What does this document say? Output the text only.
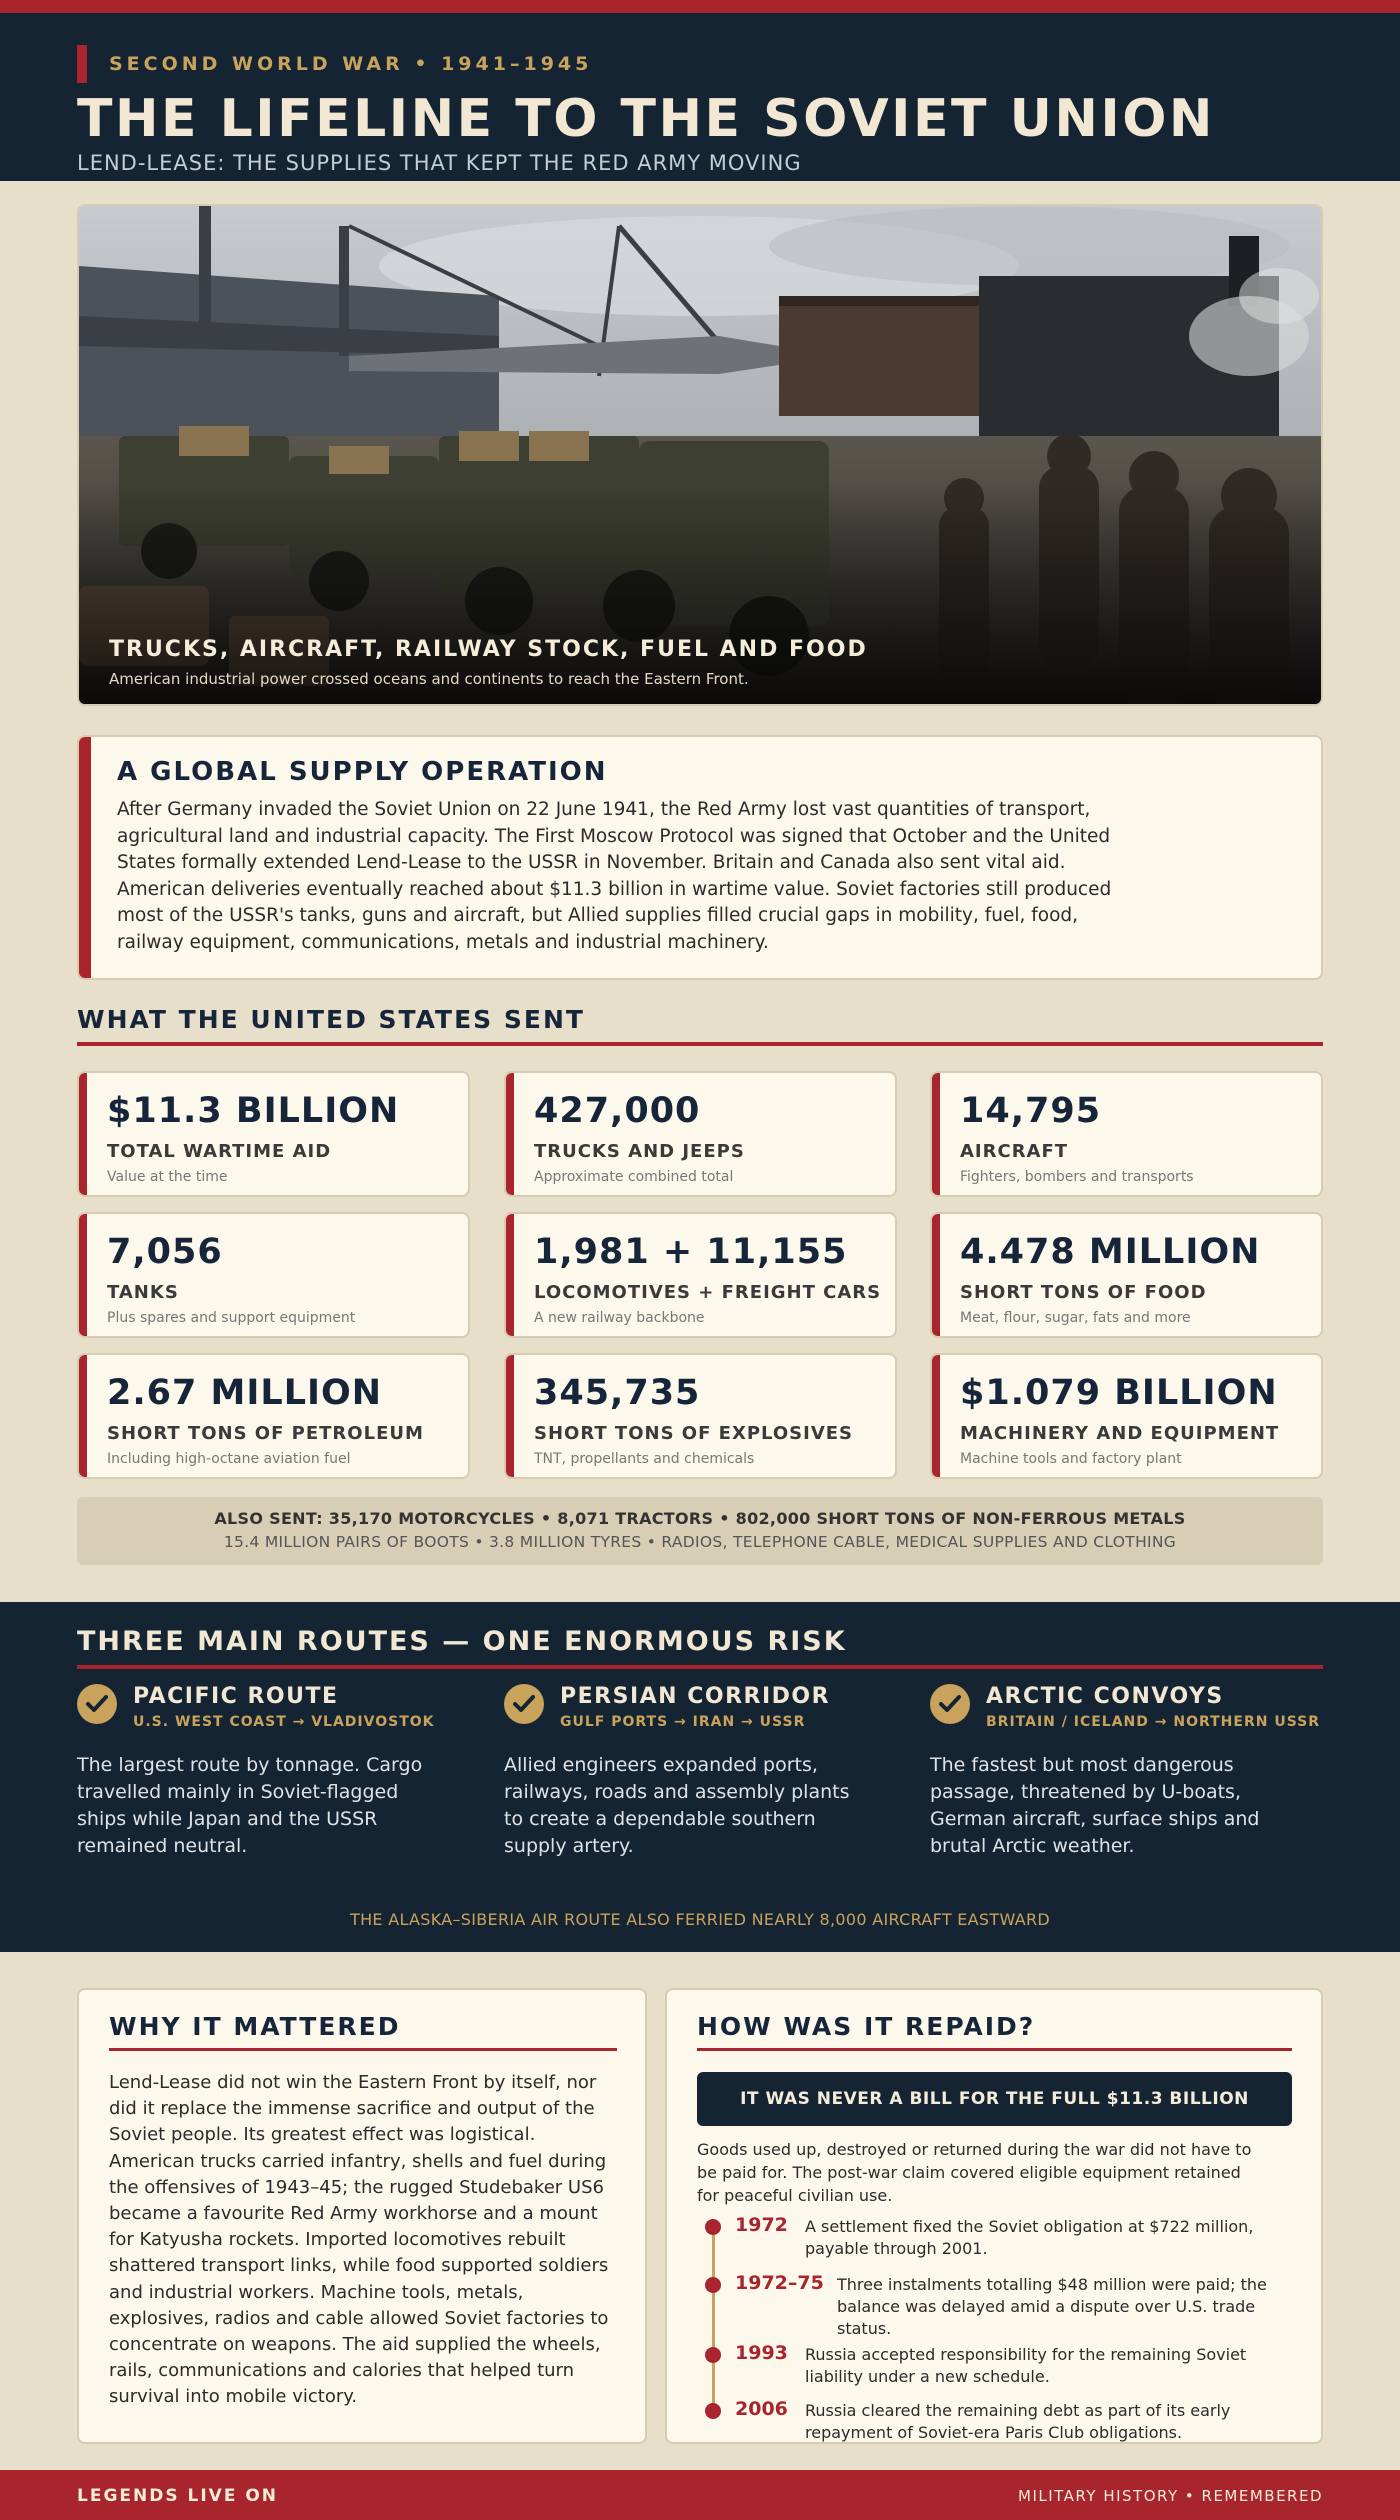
SECOND WORLD WAR • 1941–1945
THE LIFELINE TO THE SOVIET UNION
LEND-LEASE: THE SUPPLIES THAT KEPT THE RED ARMY MOVING
TRUCKS, AIRCRAFT, RAILWAY STOCK, FUEL AND FOOD
American industrial power crossed oceans and continents to reach the Eastern Front.
A GLOBAL SUPPLY OPERATION

After Germany invaded the Soviet Union on 22 June 1941, the Red Army lost vast quantities of transport, agricultural land and industrial capacity. The First Moscow Protocol was signed that October and the United States formally extended Lend-Lease to the USSR in November. Britain and Canada also sent vital aid. American deliveries eventually reached about $11.3 billion in wartime value. Soviet factories still produced most of the USSR's tanks, guns and aircraft, but Allied supplies filled crucial gaps in mobility, fuel, food, railway equipment, communications, metals and industrial machinery.

WHAT THE UNITED STATES SENT
$11.3 BILLION
TOTAL WARTIME AID
Value at the time
427,000
TRUCKS AND JEEPS
Approximate combined total
14,795
AIRCRAFT
Fighters, bombers and transports
7,056
TANKS
Plus spares and support equipment
1,981 + 11,155
LOCOMOTIVES + FREIGHT CARS
A new railway backbone
4.478 MILLION
SHORT TONS OF FOOD
Meat, flour, sugar, fats and more
2.67 MILLION
SHORT TONS OF PETROLEUM
Including high-octane aviation fuel
345,735
SHORT TONS OF EXPLOSIVES
TNT, propellants and chemicals
$1.079 BILLION
MACHINERY AND EQUIPMENT
Machine tools and factory plant
ALSO SENT: 35,170 MOTORCYCLES • 8,071 TRACTORS • 802,000 SHORT TONS OF NON-FERROUS METALS
15.4 MILLION PAIRS OF BOOTS • 3.8 MILLION TYRES • RADIOS, TELEPHONE CABLE, MEDICAL SUPPLIES AND CLOTHING
THREE MAIN ROUTES — ONE ENORMOUS RISK
PACIFIC ROUTE
U.S. WEST COAST → VLADIVOSTOK

The largest route by tonnage. Cargo travelled mainly in Soviet-flagged ships while Japan and the USSR remained neutral.

PERSIAN CORRIDOR
GULF PORTS → IRAN → USSR

Allied engineers expanded ports, railways, roads and assembly plants to create a dependable southern supply artery.

ARCTIC CONVOYS
BRITAIN / ICELAND → NORTHERN USSR

The fastest but most dangerous passage, threatened by U-boats, German aircraft, surface ships and brutal Arctic weather.

THE ALASKA–SIBERIA AIR ROUTE ALSO FERRIED NEARLY 8,000 AIRCRAFT EASTWARD
WHY IT MATTERED

Lend-Lease did not win the Eastern Front by itself, nor did it replace the immense sacrifice and output of the Soviet people. Its greatest effect was logistical. American trucks carried infantry, shells and fuel during the offensives of 1943–45; the rugged Studebaker US6 became a favourite Red Army workhorse and a mount for Katyusha rockets. Imported locomotives rebuilt shattered transport links, while food supported soldiers and industrial workers. Machine tools, metals, explosives, radios and cable allowed Soviet factories to concentrate on weapons. The aid supplied the wheels, rails, communications and calories that helped turn survival into mobile victory.

HOW WAS IT REPAID?
IT WAS NEVER A BILL FOR THE FULL $11.3 BILLION
Goods used up, destroyed or returned during the war did not have to be paid for. The post-war claim covered eligible equipment retained for peaceful civilian use.
1972 A settlement fixed the Soviet obligation at $722 million, payable through 2001.
1972–75 Three instalments totalling $48 million were paid; the balance was delayed amid a dispute over U.S. trade status.
1993 Russia accepted responsibility for the remaining Soviet liability under a new schedule.
2006 Russia cleared the remaining debt as part of its early repayment of Soviet-era Paris Club obligations.
LEGENDS LIVE ON	MILITARY HISTORY • REMEMBERED
